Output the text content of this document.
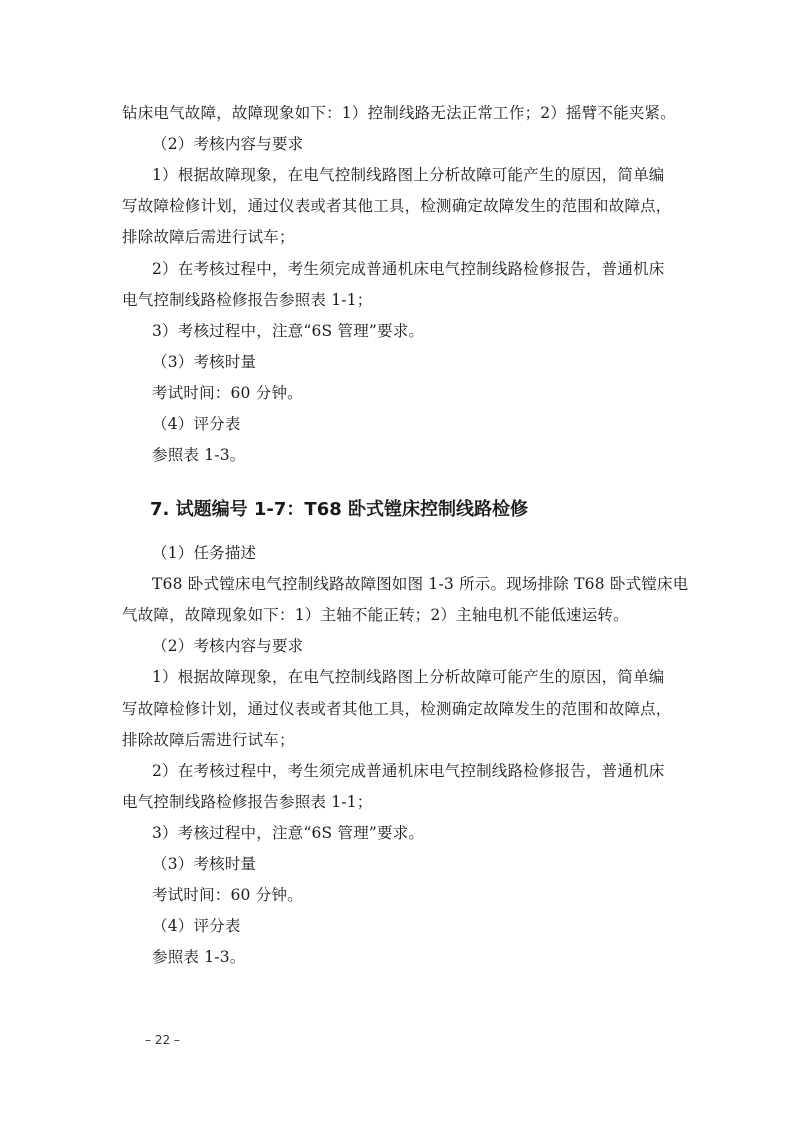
钻床电气故障，故障现象如下：1）控制线路无法正常工作；2）摇臂不能夹紧。
（2）考核内容与要求
1）根据故障现象，在电气控制线路图上分析故障可能产生的原因，简单编
写故障检修计划，通过仪表或者其他工具，检测确定故障发生的范围和故障点，
排除故障后需进行试车；
2）在考核过程中，考生须完成普通机床电气控制线路检修报告，普通机床
电气控制线路检修报告参照表 1-1；
3）考核过程中，注意“6S 管理”要求。
（3）考核时量
考试时间：60 分钟。
（4）评分表
参照表 1-3。
7. 试题编号 1-7：T68 卧式镗床控制线路检修
（1）任务描述
T68 卧式镗床电气控制线路故障图如图 1-3 所示。现场排除 T68 卧式镗床电
气故障，故障现象如下：1）主轴不能正转；2）主轴电机不能低速运转。
（2）考核内容与要求
1）根据故障现象，在电气控制线路图上分析故障可能产生的原因，简单编
写故障检修计划，通过仪表或者其他工具，检测确定故障发生的范围和故障点，
排除故障后需进行试车；
2）在考核过程中，考生须完成普通机床电气控制线路检修报告，普通机床
电气控制线路检修报告参照表 1-1；
3）考核过程中，注意“6S 管理”要求。
（3）考核时量
考试时间：60 分钟。
（4）评分表
参照表 1-3。
– 22 –
